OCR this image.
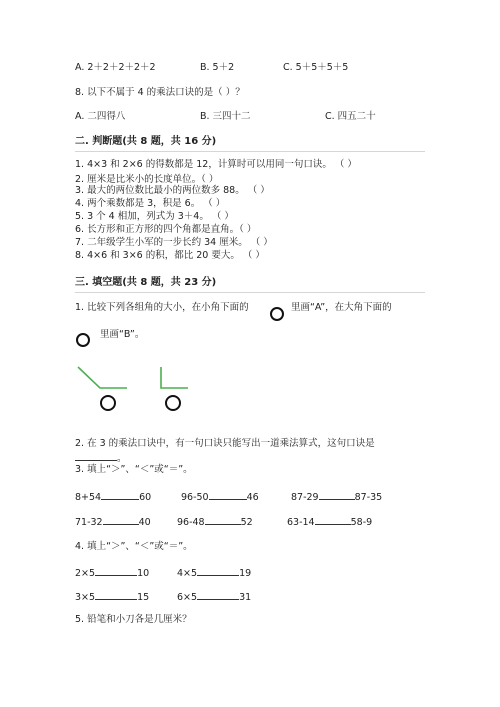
A. 2＋2＋2＋2＋2	B. 5＋2	C. 5＋5＋5＋5
8. 以下不属于 4 的乘法口诀的是（ ）？
A. 二四得八	B. 三四十二	C. 四五二十
二. 判断题(共 8 题，共 16 分)
1. 4×3 和 2×6 的得数都是 12，计算时可以用同一句口诀。 （ ）
2. 厘米是比米小的长度单位。（ ）
3. 最大的两位数比最小的两位数多 88。 （ ）
4. 两个乘数都是 3，积是 6。 （ ）
5. 3 个 4 相加，列式为 3＋4。 （ ）
6. 长方形和正方形的四个角都是直角。（ ）
7. 二年级学生小军的一步长约 34 厘米。 （ ）
8. 4×6 和 3×6 的积，都比 20 要大。 （ ）
三. 填空题(共 8 题，共 23 分)
1. 比较下列各组角的大小，在小角下面的	里画“A”，在大角下面的
里画“B”。
2. 在 3 的乘法口诀中，有一句口诀只能写出一道乘法算式，这句口诀是
。
3. 填上“＞”、“＜”或“＝”。
8+54	60	96-50	46	87-29	87-35
71-32	40	96-48	52	63-14	58-9
4. 填上“＞”、“＜”或“＝”。
2×5	10	4×5	19
3×5	15	6×5	31
5. 铅笔和小刀各是几厘米？
